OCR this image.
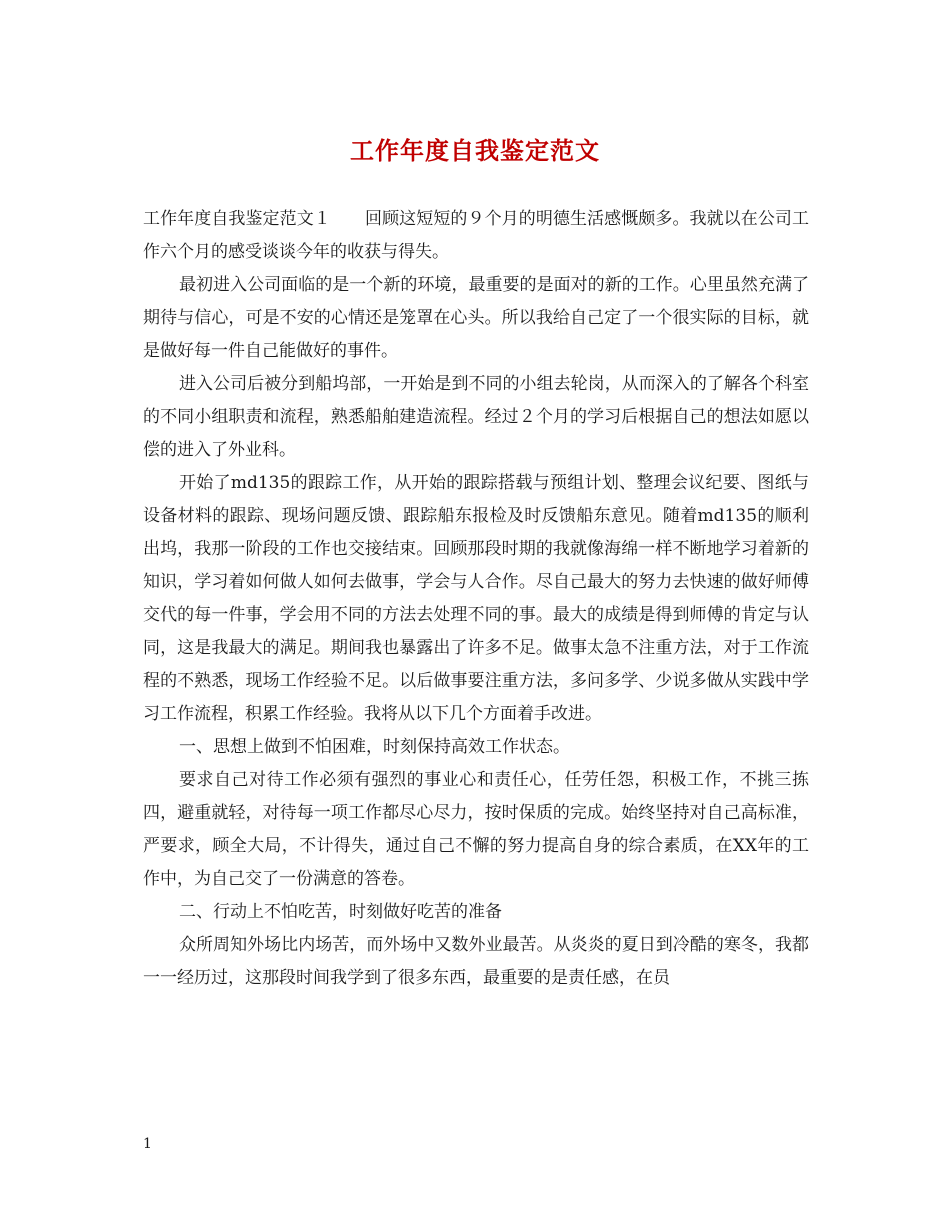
工作年度自我鉴定范文

工作年度自我鉴定范文１　　回顾这短短的９个月的明德生活感慨颇多。我就以在公司工作六个月的感受谈谈今年的收获与得失。

最初进入公司面临的是一个新的环境，最重要的是面对的新的工作。心里虽然充满了期待与信心，可是不安的心情还是笼罩在心头。所以我给自己定了一个很实际的目标，就是做好每一件自己能做好的事件。

进入公司后被分到船坞部，一开始是到不同的小组去轮岗，从而深入的了解各个科室的不同小组职责和流程，熟悉船舶建造流程。经过２个月的学习后根据自己的想法如愿以偿的进入了外业科。

开始了md135的跟踪工作，从开始的跟踪搭载与预组计划、整理会议纪要、图纸与设备材料的跟踪、现场问题反馈、跟踪船东报检及时反馈船东意见。随着md135的顺利出坞，我那一阶段的工作也交接结束。回顾那段时期的我就像海绵一样不断地学习着新的知识，学习着如何做人如何去做事，学会与人合作。尽自己最大的努力去快速的做好师傅交代的每一件事，学会用不同的方法去处理不同的事。最大的成绩是得到师傅的肯定与认同，这是我最大的满足。期间我也暴露出了许多不足。做事太急不注重方法，对于工作流程的不熟悉，现场工作经验不足。以后做事要注重方法，多问多学、少说多做从实践中学习工作流程，积累工作经验。我将从以下几个方面着手改进。

一、思想上做到不怕困难，时刻保持高效工作状态。

要求自己对待工作必须有强烈的事业心和责任心，任劳任怨，积极工作，不挑三拣四，避重就轻，对待每一项工作都尽心尽力，按时保质的完成。始终坚持对自己高标准，严要求，顾全大局，不计得失，通过自己不懈的努力提高自身的综合素质，在XX年的工作中，为自己交了一份满意的答卷。

二、行动上不怕吃苦，时刻做好吃苦的准备

众所周知外场比内场苦，而外场中又数外业最苦。从炎炎的夏日到冷酷的寒冬，我都一一经历过，这那段时间我学到了很多东西，最重要的是责任感，在员

1
